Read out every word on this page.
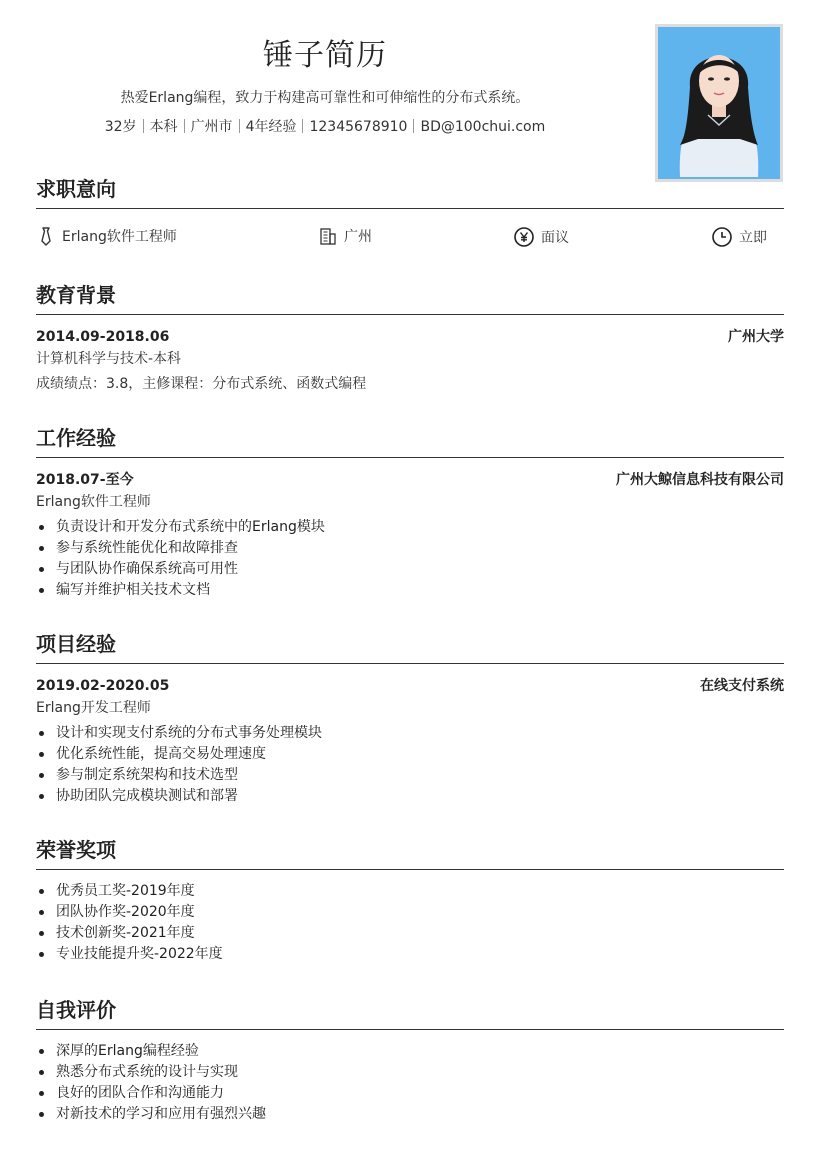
锤子简历
热爱Erlang编程，致力于构建高可靠性和可伸缩性的分布式系统。
32岁 本科 广州市 4年经验 12345678910 BD@100chui.com
求职意向
Erlang软件工程师	广州	面议	立即
教育背景
2014.09-2018.06	广州大学
计算机科学与技术-本科
成绩绩点：3.8，主修课程：分布式系统、函数式编程
工作经验
2018.07-至今	广州大鲸信息科技有限公司
Erlang软件工程师
负责设计和开发分布式系统中的Erlang模块
参与系统性能优化和故障排查
与团队协作确保系统高可用性
编写并维护相关技术文档
项目经验
2019.02-2020.05	在线支付系统
Erlang开发工程师
设计和实现支付系统的分布式事务处理模块
优化系统性能，提高交易处理速度
参与制定系统架构和技术选型
协助团队完成模块测试和部署
荣誉奖项
优秀员工奖-2019年度
团队协作奖-2020年度
技术创新奖-2021年度
专业技能提升奖-2022年度
自我评价
深厚的Erlang编程经验
熟悉分布式系统的设计与实现
良好的团队合作和沟通能力
对新技术的学习和应用有强烈兴趣
